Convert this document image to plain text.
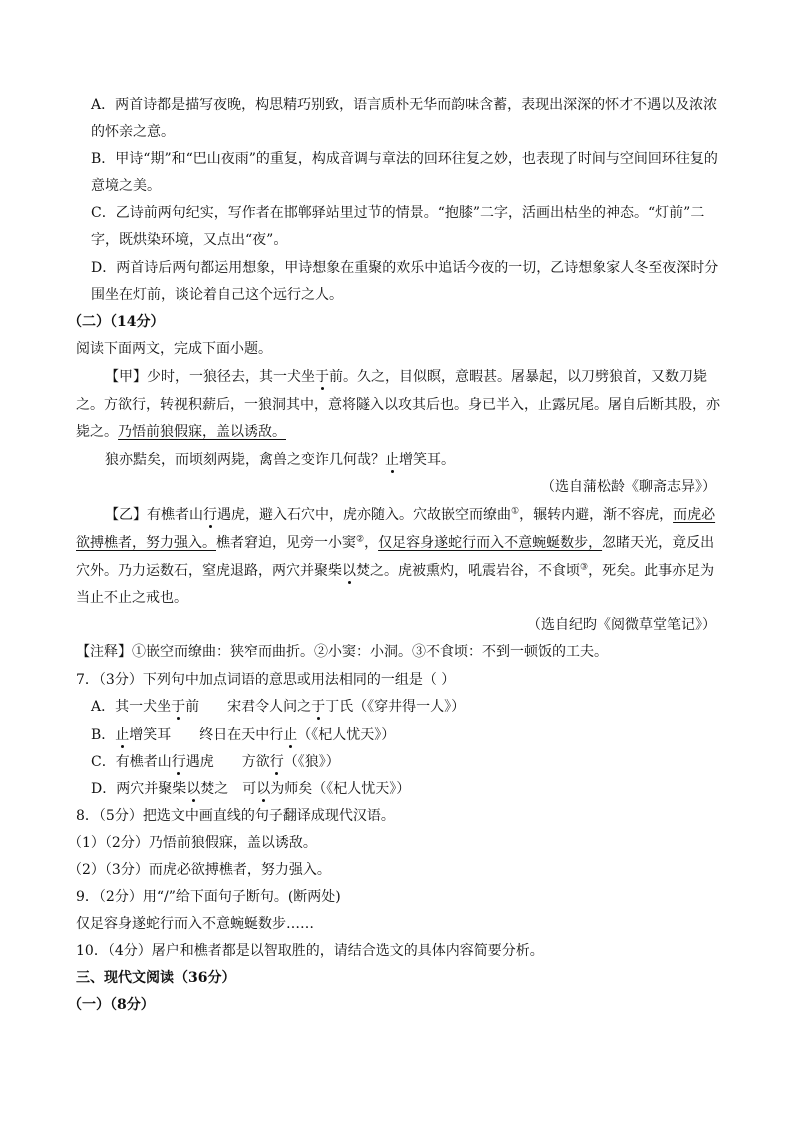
A．两首诗都是描写夜晚，构思精巧别致，语言质朴无华而韵味含蓄，表现出深深的怀才不遇以及浓浓
的怀亲之意。
B．甲诗“期”和“巴山夜雨”的重复，构成音调与章法的回环往复之妙，也表现了时间与空间回环往复的
意境之美。
C．乙诗前两句纪实，写作者在邯郸驿站里过节的情景。“抱膝”二字，活画出枯坐的神态。“灯前”二
字，既烘染环境，又点出“夜”。
D．两首诗后两句都运用想象，甲诗想象在重聚的欢乐中追话今夜的一切，乙诗想象家人冬至夜深时分
围坐在灯前，谈论着自己这个远行之人。
（二）（14分）
阅读下面两文，完成下面小题。
【甲】少时，一狼径去，其一犬坐于前。久之，目似瞑，意暇甚。屠暴起，以刀劈狼首，又数刀毙
之。方欲行，转视积薪后，一狼洞其中，意将隧入以攻其后也。身已半入，止露尻尾。屠自后断其股，亦
毙之。乃悟前狼假寐，盖以诱敌。
狼亦黠矣，而顷刻两毙，禽兽之变诈几何哉？止增笑耳。
（选自蒲松龄《聊斋志异》）
【乙】有樵者山行遇虎，避入石穴中，虎亦随入。穴故嵌空而缭曲①，辗转内避，渐不容虎，而虎必
欲搏樵者，努力强入。樵者窘迫，见旁一小窦②，仅足容身遂蛇行而入不意蜿蜒数步，忽睹天光，竟反出
穴外。乃力运数石，窒虎退路，两穴并聚柴以焚之。虎被熏灼，吼震岩谷，不食顷③，死矣。此事亦足为
当止不止之戒也。
（选自纪昀《阅微草堂笔记》）
【注释】①嵌空而缭曲：狭窄而曲折。②小窦：小洞。③不食顷：不到一顿饭的工夫。
7．（3分）下列句中加点词语的意思或用法相同的一组是（ ）
A．其一犬坐于前　　宋君令人问之于丁氏（《穿井得一人》）
B．止增笑耳　　终日在天中行止（《杞人忧天》）
C．有樵者山行遇虎　　方欲行（《狼》）
D．两穴并聚柴以焚之　可以为师矣（《杞人忧天》）
8．（5分）把选文中画直线的句子翻译成现代汉语。
（1）（2分）乃悟前狼假寐，盖以诱敌。
（2）（3分）而虎必欲搏樵者，努力强入。
9．（2分）用“/”给下面句子断句。(断两处)
仅足容身遂蛇行而入不意蜿蜒数步……
10．（4分）屠户和樵者都是以智取胜的，请结合选文的具体内容简要分析。
三、现代文阅读（36分）
（一）（8分）
